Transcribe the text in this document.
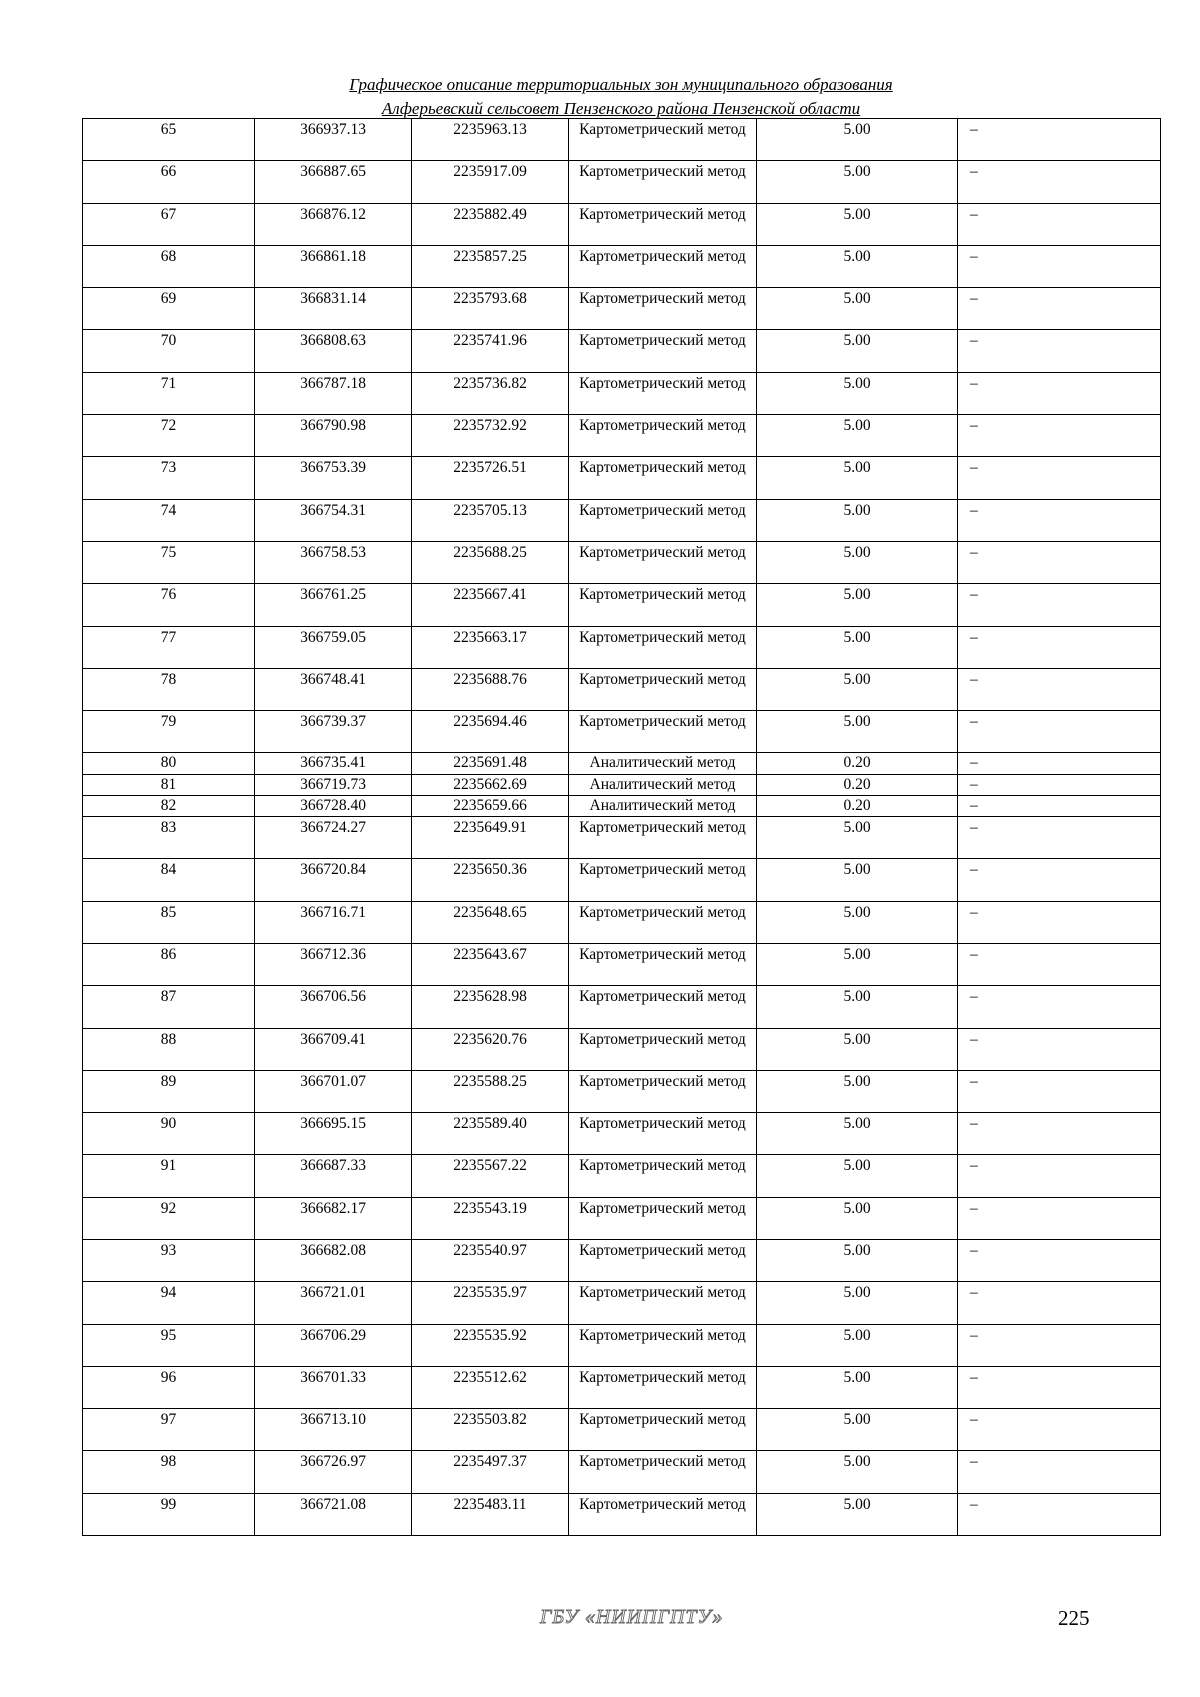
Графическое описание территориальных зон муниципального образования
Алферьевский сельсовет Пензенского района Пензенской области
65	366937.13	2235963.13	Картометрический метод	5.00	–
66	366887.65	2235917.09	Картометрический метод	5.00	–
67	366876.12	2235882.49	Картометрический метод	5.00	–
68	366861.18	2235857.25	Картометрический метод	5.00	–
69	366831.14	2235793.68	Картометрический метод	5.00	–
70	366808.63	2235741.96	Картометрический метод	5.00	–
71	366787.18	2235736.82	Картометрический метод	5.00	–
72	366790.98	2235732.92	Картометрический метод	5.00	–
73	366753.39	2235726.51	Картометрический метод	5.00	–
74	366754.31	2235705.13	Картометрический метод	5.00	–
75	366758.53	2235688.25	Картометрический метод	5.00	–
76	366761.25	2235667.41	Картометрический метод	5.00	–
77	366759.05	2235663.17	Картометрический метод	5.00	–
78	366748.41	2235688.76	Картометрический метод	5.00	–
79	366739.37	2235694.46	Картометрический метод	5.00	–
80	366735.41	2235691.48	Аналитический метод	0.20	–
81	366719.73	2235662.69	Аналитический метод	0.20	–
82	366728.40	2235659.66	Аналитический метод	0.20	–
83	366724.27	2235649.91	Картометрический метод	5.00	–
84	366720.84	2235650.36	Картометрический метод	5.00	–
85	366716.71	2235648.65	Картометрический метод	5.00	–
86	366712.36	2235643.67	Картометрический метод	5.00	–
87	366706.56	2235628.98	Картометрический метод	5.00	–
88	366709.41	2235620.76	Картометрический метод	5.00	–
89	366701.07	2235588.25	Картометрический метод	5.00	–
90	366695.15	2235589.40	Картометрический метод	5.00	–
91	366687.33	2235567.22	Картометрический метод	5.00	–
92	366682.17	2235543.19	Картометрический метод	5.00	–
93	366682.08	2235540.97	Картометрический метод	5.00	–
94	366721.01	2235535.97	Картометрический метод	5.00	–
95	366706.29	2235535.92	Картометрический метод	5.00	–
96	366701.33	2235512.62	Картометрический метод	5.00	–
97	366713.10	2235503.82	Картометрический метод	5.00	–
98	366726.97	2235497.37	Картометрический метод	5.00	–
99	366721.08	2235483.11	Картометрический метод	5.00	–
ГБУ «НИИПГПТУ»	225
